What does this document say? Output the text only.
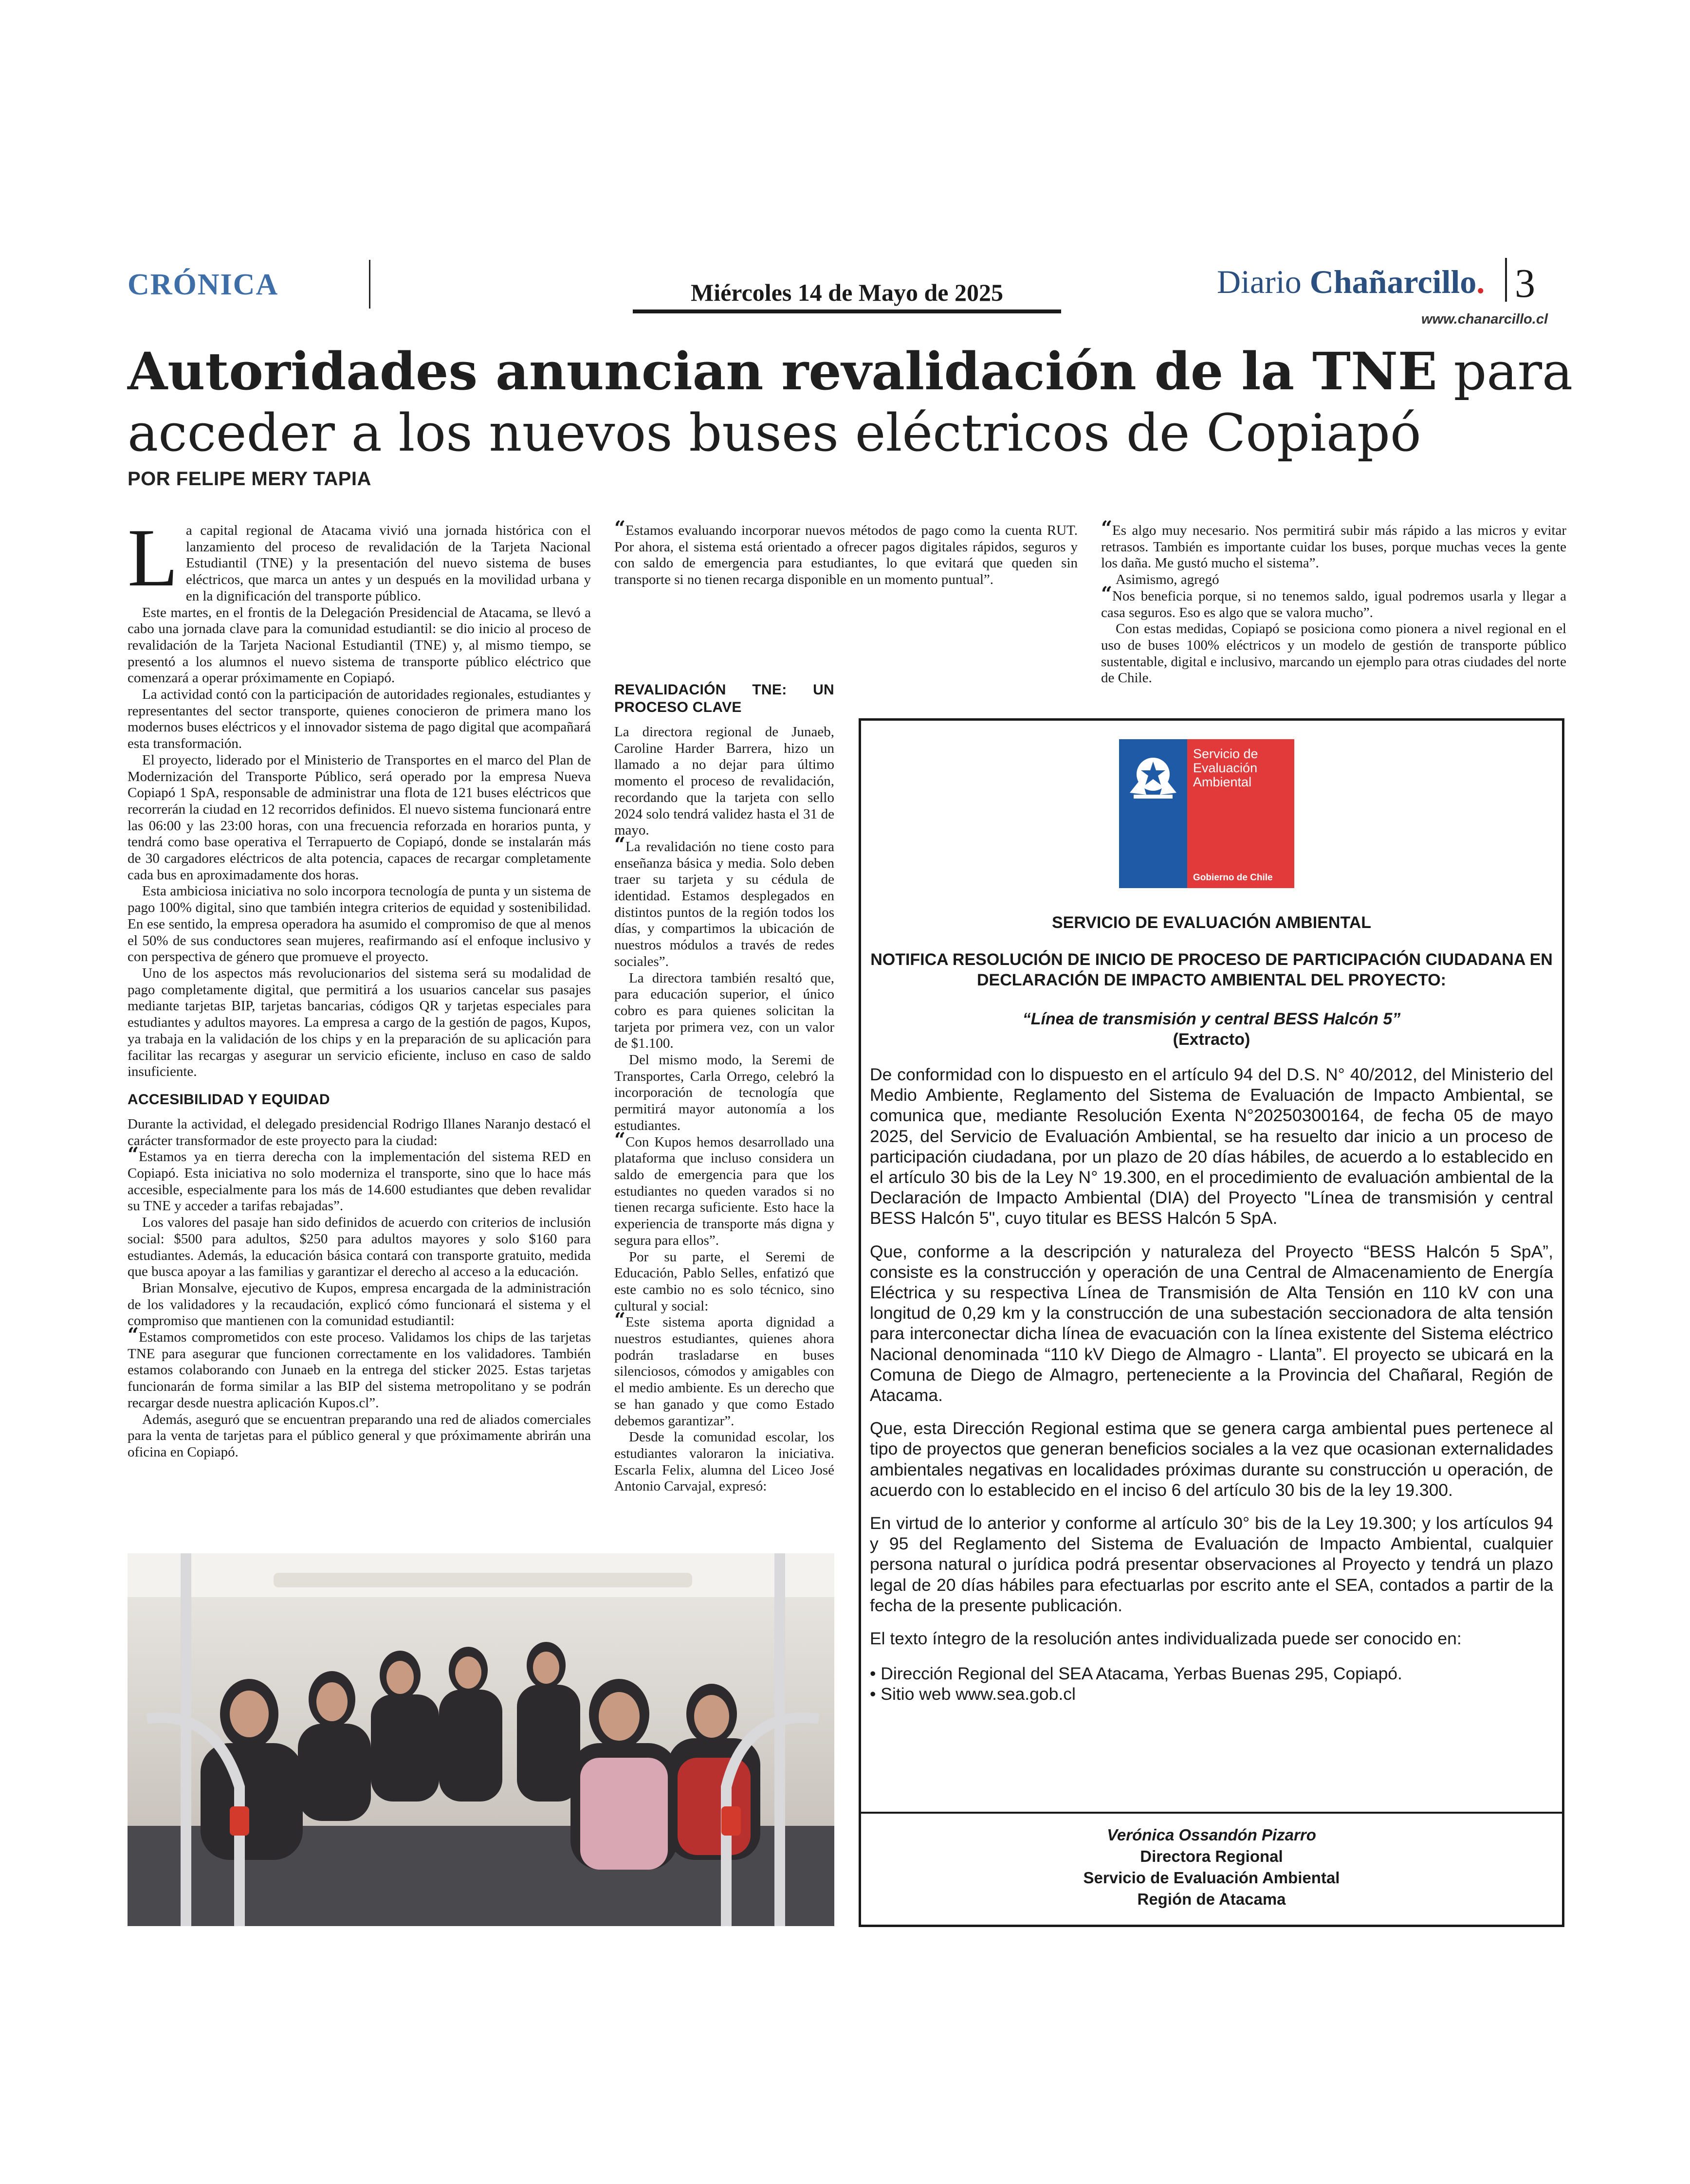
CRÓNICA	Miércoles 14 de Mayo de 2025	Diario Chañarcillo. 3
www.chanarcillo.cl
Autoridades anuncian revalidación de la TNE para
acceder a los nuevos buses eléctricos de Copiapó
POR FELIPE MERY TAPIA

La capital regional de Atacama vivió una jornada histórica con el lanzamiento del proceso de revalidación de la Tarjeta Nacional Estudiantil (TNE) y la presentación del nuevo sistema de buses eléctricos, que marca un antes y un después en la movilidad urbana y en la dignificación del transporte público.

Este martes, en el frontis de la Delegación Presidencial de Atacama, se llevó a cabo una jornada clave para la comunidad estudiantil: se dio inicio al proceso de revalidación de la Tarjeta Nacional Estudiantil (TNE) y, al mismo tiempo, se presentó a los alumnos el nuevo sistema de transporte público eléctrico que comenzará a operar próximamente en Copiapó.

La actividad contó con la participación de autoridades regionales, estudiantes y representantes del sector transporte, quienes conocieron de primera mano los modernos buses eléctricos y el innovador sistema de pago digital que acompañará esta transformación.

El proyecto, liderado por el Ministerio de Transportes en el marco del Plan de Modernización del Transporte Público, será operado por la empresa Nueva Copiapó 1 SpA, responsable de administrar una flota de 121 buses eléctricos que recorrerán la ciudad en 12 recorridos definidos. El nuevo sistema funcionará entre las 06:00 y las 23:00 horas, con una frecuencia reforzada en horarios punta, y tendrá como base operativa el Terrapuerto de Copiapó, donde se instalarán más de 30 cargadores eléctricos de alta potencia, capaces de recargar completamente cada bus en aproximadamente dos horas.

Esta ambiciosa iniciativa no solo incorpora tecnología de punta y un sistema de pago 100% digital, sino que también integra criterios de equidad y sostenibilidad. En ese sentido, la empresa operadora ha asumido el compromiso de que al menos el 50% de sus conductores sean mujeres, reafirmando así el enfoque inclusivo y con perspectiva de género que promueve el proyecto.

Uno de los aspectos más revolucionarios del sistema será su modalidad de pago completamente digital, que permitirá a los usuarios cancelar sus pasajes mediante tarjetas BIP, tarjetas bancarias, códigos QR y tarjetas especiales para estudiantes y adultos mayores. La empresa a cargo de la gestión de pagos, Kupos, ya trabaja en la validación de los chips y en la preparación de su aplicación para facilitar las recargas y asegurar un servicio eficiente, incluso en caso de saldo insuficiente.

ACCESIBILIDAD Y EQUIDAD

Durante la actividad, el delegado presidencial Rodrigo Illanes Naranjo destacó el carácter transformador de este proyecto para la ciudad:

“Estamos ya en tierra derecha con la implementación del sistema RED en Copiapó. Esta iniciativa no solo moderniza el transporte, sino que lo hace más accesible, especialmente para los más de 14.600 estudiantes que deben revalidar su TNE y acceder a tarifas rebajadas”.

Los valores del pasaje han sido definidos de acuerdo con criterios de inclusión social: $500 para adultos, $250 para adultos mayores y solo $160 para estudiantes. Además, la educación básica contará con transporte gratuito, medida que busca apoyar a las familias y garantizar el derecho al acceso a la educación.

Brian Monsalve, ejecutivo de Kupos, empresa encargada de la administración de los validadores y la recaudación, explicó cómo funcionará el sistema y el compromiso que mantienen con la comunidad estudiantil:

“Estamos comprometidos con este proceso. Validamos los chips de las tarjetas TNE para asegurar que funcionen correctamente en los validadores. También estamos colaborando con Junaeb en la entrega del sticker 2025. Estas tarjetas funcionarán de forma similar a las BIP del sistema metropolitano y se podrán recargar desde nuestra aplicación Kupos.cl”.

Además, aseguró que se encuentran preparando una red de aliados comerciales para la venta de tarjetas para el público general y que próximamente abrirán una oficina en Copiapó.

“Estamos evaluando incorporar nuevos métodos de pago como la cuenta RUT. Por ahora, el sistema está orientado a ofrecer pagos digitales rápidos, seguros y con saldo de emergencia para estudiantes, lo que evitará que queden sin transporte si no tienen recarga disponible en un momento puntual”.

REVALIDACIÓN TNE: UN PROCESO CLAVE

La directora regional de Junaeb, Caroline Harder Barrera, hizo un llamado a no dejar para último momento el proceso de revalidación, recordando que la tarjeta con sello 2024 solo tendrá validez hasta el 31 de mayo.

“La revalidación no tiene costo para enseñanza básica y media. Solo deben traer su tarjeta y su cédula de identidad. Estamos desplegados en distintos puntos de la región todos los días, y compartimos la ubicación de nuestros módulos a través de redes sociales”.

La directora también resaltó que, para educación superior, el único cobro es para quienes solicitan la tarjeta por primera vez, con un valor de $1.100.

Del mismo modo, la Seremi de Transportes, Carla Orrego, celebró la incorporación de tecnología que permitirá mayor autonomía a los estudiantes.

“Con Kupos hemos desarrollado una plataforma que incluso considera un saldo de emergencia para que los estudiantes no queden varados si no tienen recarga suficiente. Esto hace la experiencia de transporte más digna y segura para ellos”.

Por su parte, el Seremi de Educación, Pablo Selles, enfatizó que este cambio no es solo técnico, sino cultural y social:

“Este sistema aporta dignidad a nuestros estudiantes, quienes ahora podrán trasladarse en buses silenciosos, cómodos y amigables con el medio ambiente. Es un derecho que se han ganado y que como Estado debemos garantizar”.

Desde la comunidad escolar, los estudiantes valoraron la iniciativa. Escarla Felix, alumna del Liceo José Antonio Carvajal, expresó:

“Es algo muy necesario. Nos permitirá subir más rápido a las micros y evitar retrasos. También es importante cuidar los buses, porque muchas veces la gente los daña. Me gustó mucho el sistema”.

Asimismo, agregó

“Nos beneficia porque, si no tenemos saldo, igual podremos usarla y llegar a casa seguros. Eso es algo que se valora mucho”.

Con estas medidas, Copiapó se posiciona como pionera a nivel regional en el uso de buses 100% eléctricos y un modelo de gestión de transporte público sustentable, digital e inclusivo, marcando un ejemplo para otras ciudades del norte de Chile.

Servicio de
Evaluación
Ambiental
Gobierno de Chile
SERVICIO DE EVALUACIÓN AMBIENTAL
NOTIFICA RESOLUCIÓN DE INICIO DE PROCESO DE PARTICIPACIÓN CIUDADANA EN DECLARACIÓN DE IMPACTO AMBIENTAL DEL PROYECTO:
“Línea de transmisión y central BESS Halcón 5”
(Extracto)

De conformidad con lo dispuesto en el artículo 94 del D.S. N° 40/2012, del Ministerio del Medio Ambiente, Reglamento del Sistema de Evaluación de Impacto Ambiental, se comunica que, mediante Resolución Exenta N°20250300164, de fecha 05 de mayo 2025, del Servicio de Evaluación Ambiental, se ha resuelto dar inicio a un proceso de participación ciudadana, por un plazo de 20 días hábiles, de acuerdo a lo establecido en el artículo 30 bis de la Ley N° 19.300, en el procedimiento de evaluación ambiental de la Declaración de Impacto Ambiental (DIA) del Proyecto "Línea de transmisión y central BESS Halcón 5", cuyo titular es BESS Halcón 5 SpA.

Que, conforme a la descripción y naturaleza del Proyecto “BESS Halcón 5 SpA”, consiste es la construcción y operación de una Central de Almacenamiento de Energía Eléctrica y su respectiva Línea de Transmisión de Alta Tensión en 110 kV con una longitud de 0,29 km y la construcción de una subestación seccionadora de alta tensión para interconectar dicha línea de evacuación con la línea existente del Sistema eléctrico Nacional denominada “110 kV Diego de Almagro - Llanta”. El proyecto se ubicará en la Comuna de Diego de Almagro, perteneciente a la Provincia del Chañaral, Región de Atacama.

Que, esta Dirección Regional estima que se genera carga ambiental pues pertenece al tipo de proyectos que generan beneficios sociales a la vez que ocasionan externalidades ambientales negativas en localidades próximas durante su construcción u operación, de acuerdo con lo establecido en el inciso 6 del artículo 30 bis de la ley 19.300.

En virtud de lo anterior y conforme al artículo 30° bis de la Ley 19.300; y los artículos 94 y 95 del Reglamento del Sistema de Evaluación de Impacto Ambiental, cualquier persona natural o jurídica podrá presentar observaciones al Proyecto y tendrá un plazo legal de 20 días hábiles para efectuarlas por escrito ante el SEA, contados a partir de la fecha de la presente publicación.

El texto íntegro de la resolución antes individualizada puede ser conocido en:

• Dirección Regional del SEA Atacama, Yerbas Buenas 295, Copiapó.
• Sitio web www.sea.gob.cl
Verónica Ossandón Pizarro
Directora Regional
Servicio de Evaluación Ambiental
Región de Atacama
